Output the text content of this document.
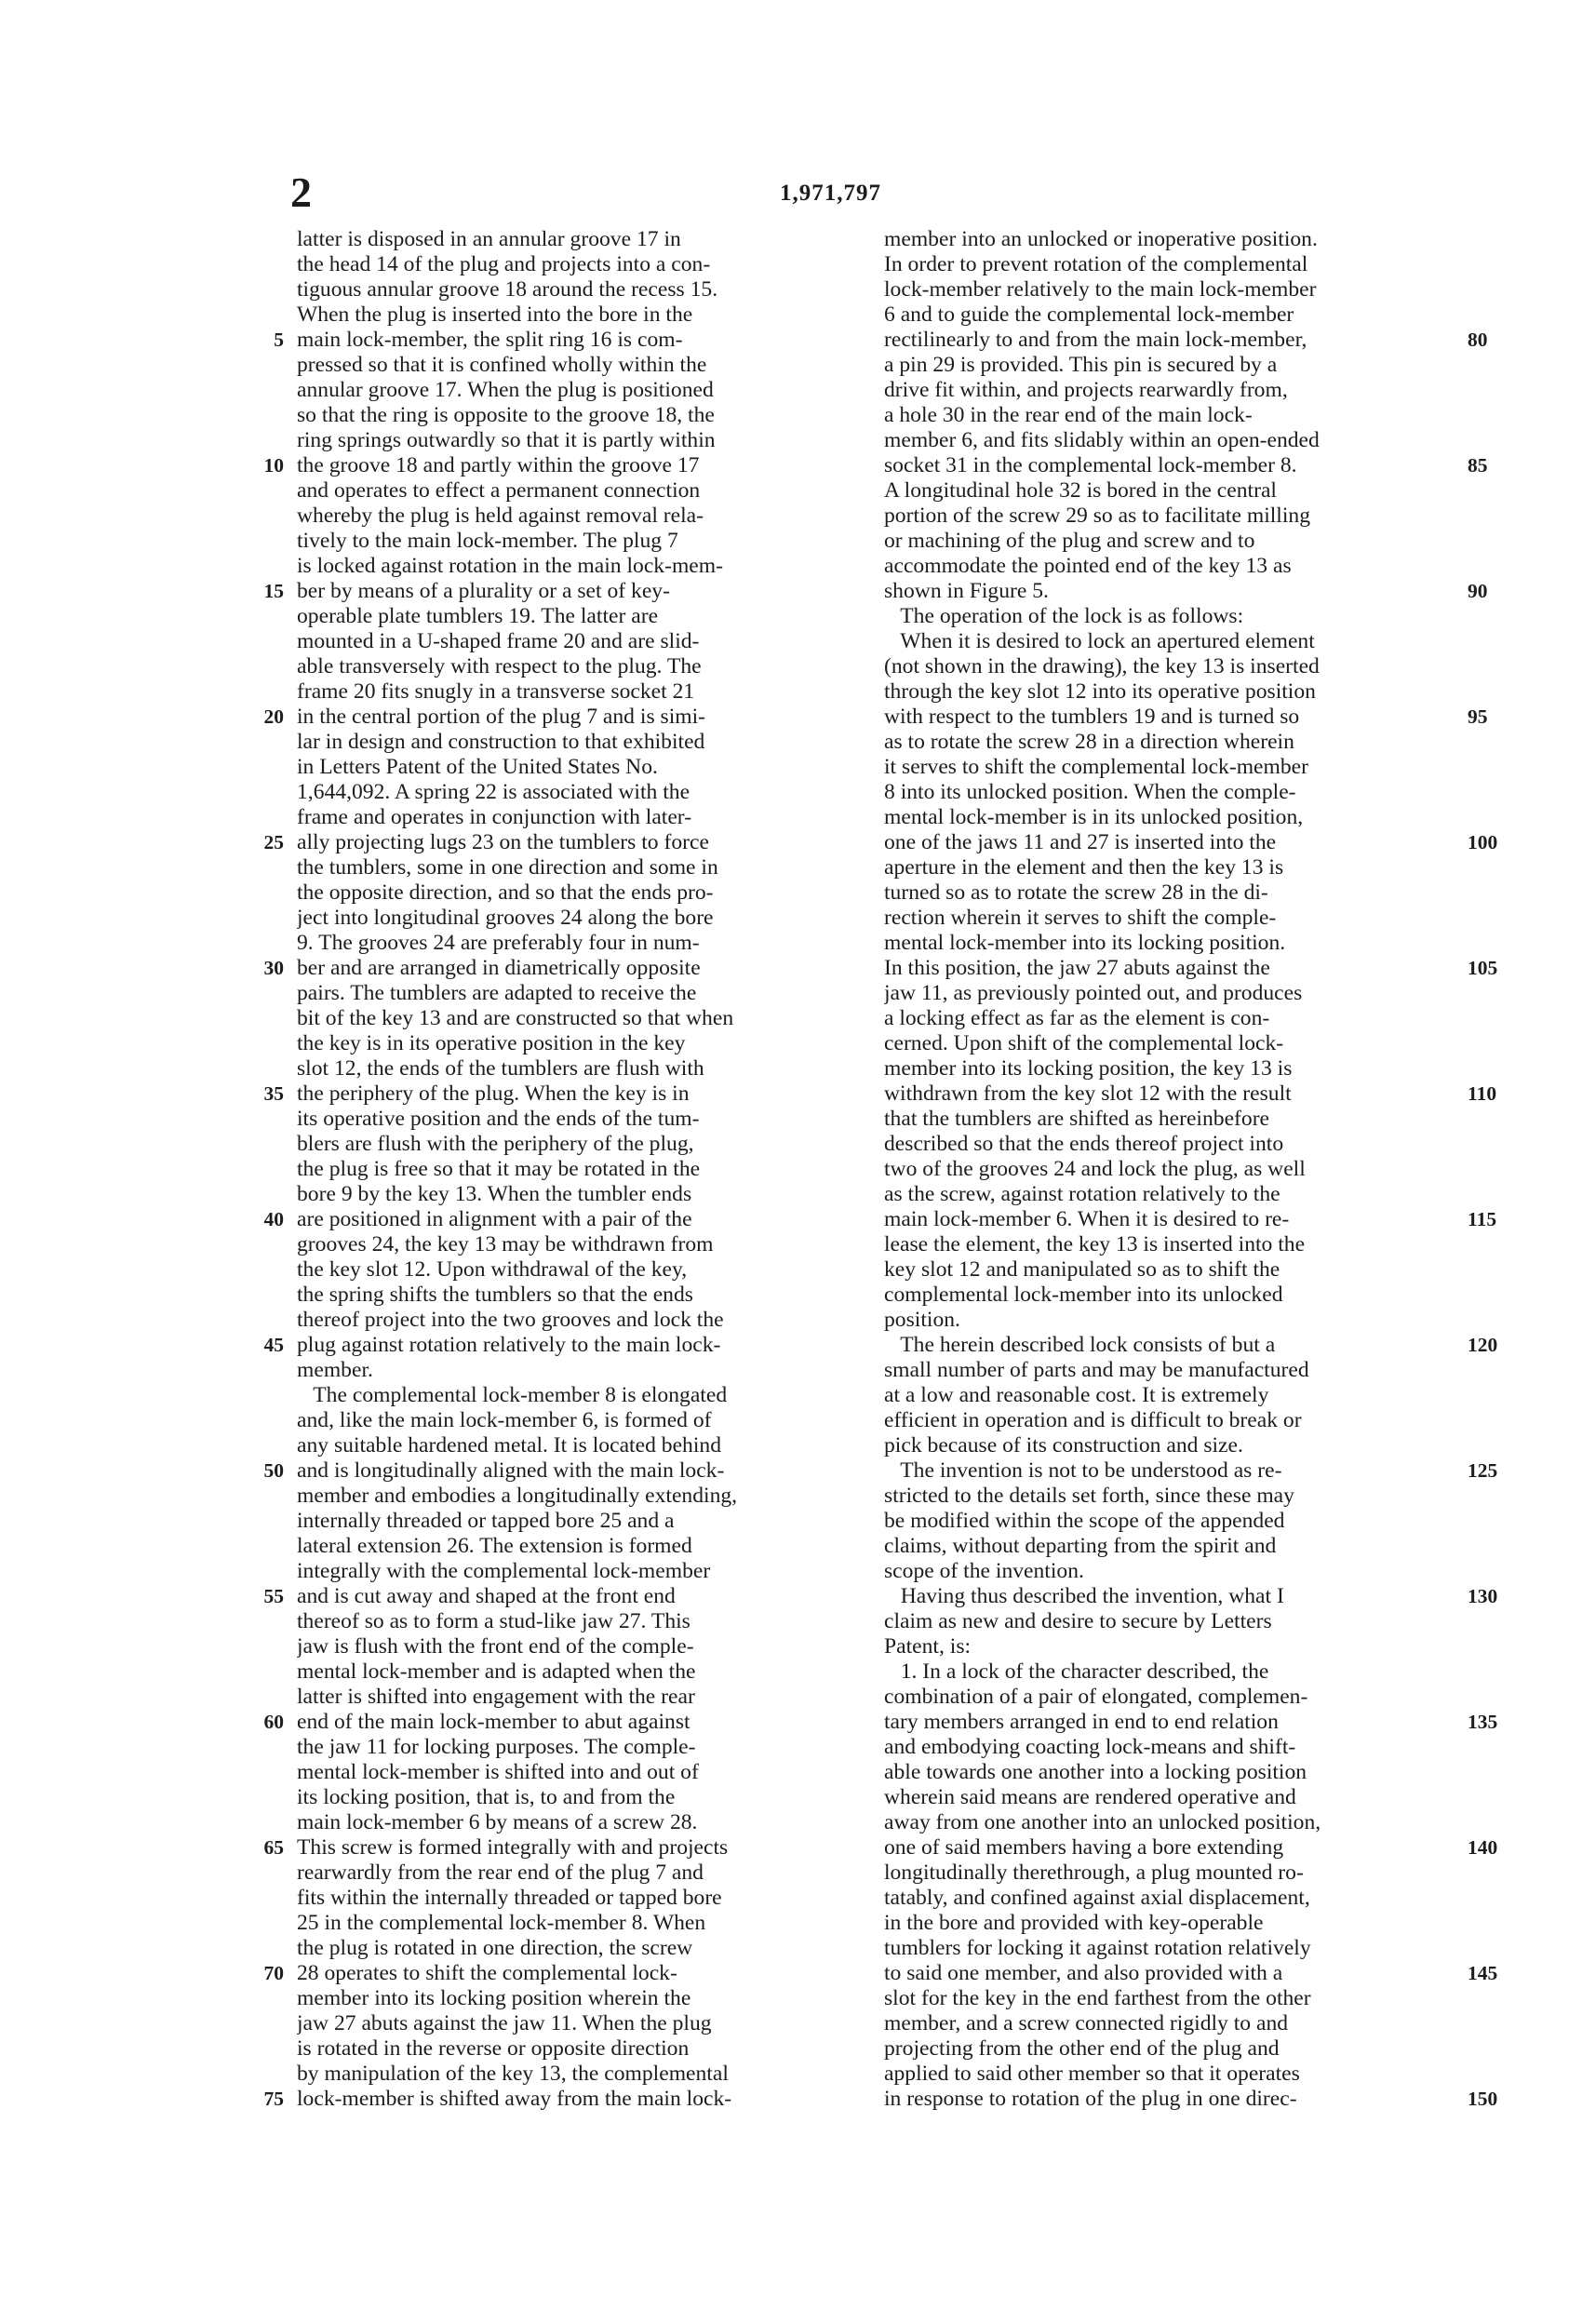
2	1,971,797
latter is disposed in an annular groove 17 in
the head 14 of the plug and projects into a con-
tiguous annular groove 18 around the recess 15.
When the plug is inserted into the bore in the
main lock-member, the split ring 16 is com-
pressed so that it is confined wholly within the
annular groove 17. When the plug is positioned
so that the ring is opposite to the groove 18, the
ring springs outwardly so that it is partly within
the groove 18 and partly within the groove 17
and operates to effect a permanent connection
whereby the plug is held against removal rela-
tively to the main lock-member. The plug 7
is locked against rotation in the main lock-mem-
ber by means of a plurality or a set of key-
operable plate tumblers 19. The latter are
mounted in a U-shaped frame 20 and are slid-
able transversely with respect to the plug. The
frame 20 fits snugly in a transverse socket 21
in the central portion of the plug 7 and is simi-
lar in design and construction to that exhibited
in Letters Patent of the United States No.
1,644,092. A spring 22 is associated with the
frame and operates in conjunction with later-
ally projecting lugs 23 on the tumblers to force
the tumblers, some in one direction and some in
the opposite direction, and so that the ends pro-
ject into longitudinal grooves 24 along the bore
9. The grooves 24 are preferably four in num-
ber and are arranged in diametrically opposite
pairs. The tumblers are adapted to receive the
bit of the key 13 and are constructed so that when
the key is in its operative position in the key
slot 12, the ends of the tumblers are flush with
the periphery of the plug. When the key is in
its operative position and the ends of the tum-
blers are flush with the periphery of the plug,
the plug is free so that it may be rotated in the
bore 9 by the key 13. When the tumbler ends
are positioned in alignment with a pair of the
grooves 24, the key 13 may be withdrawn from
the key slot 12. Upon withdrawal of the key,
the spring shifts the tumblers so that the ends
thereof project into the two grooves and lock the
plug against rotation relatively to the main lock-
member.
The complemental lock-member 8 is elongated
and, like the main lock-member 6, is formed of
any suitable hardened metal. It is located behind
and is longitudinally aligned with the main lock-
member and embodies a longitudinally extending,
internally threaded or tapped bore 25 and a
lateral extension 26. The extension is formed
integrally with the complemental lock-member
and is cut away and shaped at the front end
thereof so as to form a stud-like jaw 27. This
jaw is flush with the front end of the comple-
mental lock-member and is adapted when the
latter is shifted into engagement with the rear
end of the main lock-member to abut against
the jaw 11 for locking purposes. The comple-
mental lock-member is shifted into and out of
its locking position, that is, to and from the
main lock-member 6 by means of a screw 28.
This screw is formed integrally with and projects
rearwardly from the rear end of the plug 7 and
fits within the internally threaded or tapped bore
25 in the complemental lock-member 8. When
the plug is rotated in one direction, the screw
28 operates to shift the complemental lock-
member into its locking position wherein the
jaw 27 abuts against the jaw 11. When the plug
is rotated in the reverse or opposite direction
by manipulation of the key 13, the complemental
lock-member is shifted away from the main lock-
member into an unlocked or inoperative position.
In order to prevent rotation of the complemental
lock-member relatively to the main lock-member
6 and to guide the complemental lock-member
rectilinearly to and from the main lock-member,
a pin 29 is provided. This pin is secured by a
drive fit within, and projects rearwardly from,
a hole 30 in the rear end of the main lock-
member 6, and fits slidably within an open-ended
socket 31 in the complemental lock-member 8.
A longitudinal hole 32 is bored in the central
portion of the screw 29 so as to facilitate milling
or machining of the plug and screw and to
accommodate the pointed end of the key 13 as
shown in Figure 5.
The operation of the lock is as follows:
When it is desired to lock an apertured element
(not shown in the drawing), the key 13 is inserted
through the key slot 12 into its operative position
with respect to the tumblers 19 and is turned so
as to rotate the screw 28 in a direction wherein
it serves to shift the complemental lock-member
8 into its unlocked position. When the comple-
mental lock-member is in its unlocked position,
one of the jaws 11 and 27 is inserted into the
aperture in the element and then the key 13 is
turned so as to rotate the screw 28 in the di-
rection wherein it serves to shift the comple-
mental lock-member into its locking position.
In this position, the jaw 27 abuts against the
jaw 11, as previously pointed out, and produces
a locking effect as far as the element is con-
cerned. Upon shift of the complemental lock-
member into its locking position, the key 13 is
withdrawn from the key slot 12 with the result
that the tumblers are shifted as hereinbefore
described so that the ends thereof project into
two of the grooves 24 and lock the plug, as well
as the screw, against rotation relatively to the
main lock-member 6. When it is desired to re-
lease the element, the key 13 is inserted into the
key slot 12 and manipulated so as to shift the
complemental lock-member into its unlocked
position.
The herein described lock consists of but a
small number of parts and may be manufactured
at a low and reasonable cost. It is extremely
efficient in operation and is difficult to break or
pick because of its construction and size.
The invention is not to be understood as re-
stricted to the details set forth, since these may
be modified within the scope of the appended
claims, without departing from the spirit and
scope of the invention.
Having thus described the invention, what I
claim as new and desire to secure by Letters
Patent, is:
1. In a lock of the character described, the
combination of a pair of elongated, complemen-
tary members arranged in end to end relation
and embodying coacting lock-means and shift-
able towards one another into a locking position
wherein said means are rendered operative and
away from one another into an unlocked position,
one of said members having a bore extending
longitudinally therethrough, a plug mounted ro-
tatably, and confined against axial displacement,
in the bore and provided with key-operable
tumblers for locking it against rotation relatively
to said one member, and also provided with a
slot for the key in the end farthest from the other
member, and a screw connected rigidly to and
projecting from the other end of the plug and
applied to said other member so that it operates
in response to rotation of the plug in one direc-
5
10
15
20
25
30
35
40
45
50
55
60
65
70
75
80
85
90
95
100
105
110
115
120
125
130
135
140
145
150
